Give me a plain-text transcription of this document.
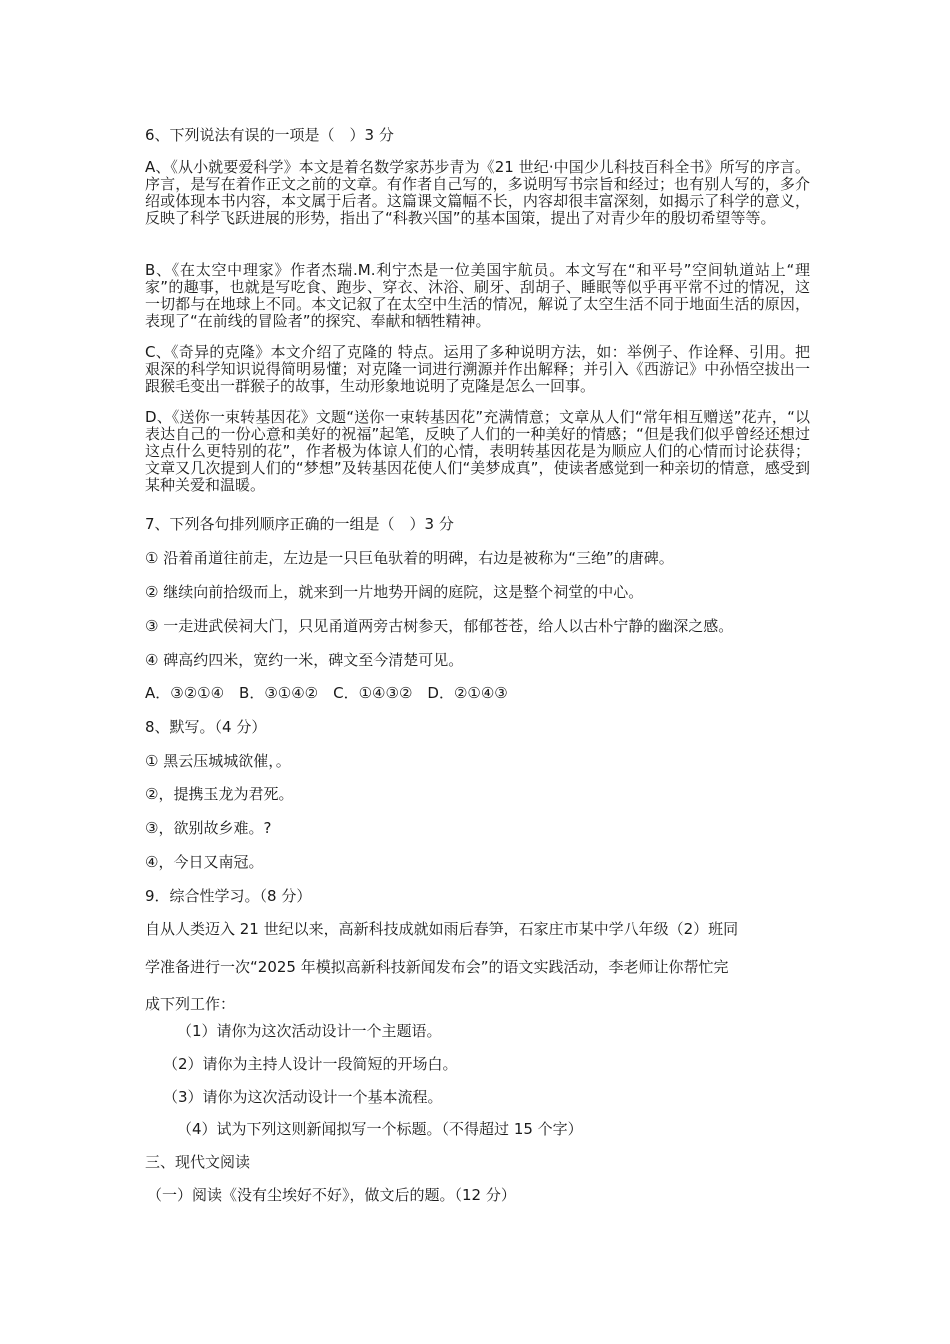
6、下列说法有误的一项是（　）3 分
A、《从小就要爱科学》本文是着名数学家苏步青为《21 世纪·中国少儿科技百科全书》所写的序言。序言，是写在着作正文之前的文章。有作者自己写的，多说明写书宗旨和经过；也有别人写的，多介绍或体现本书内容，本文属于后者。这篇课文篇幅不长，内容却很丰富深刻，如揭示了科学的意义，反映了科学飞跃进展的形势，指出了“科教兴国”的基本国策，提出了对青少年的殷切希望等等。
B、《在太空中理家》作者杰瑞.M.利宁杰是一位美国宇航员。本文写在“和平号”空间轨道站上“理家”的趣事，也就是写吃食、跑步、穿衣、沐浴、刷牙、刮胡子、睡眠等似乎再平常不过的情况，这一切都与在地球上不同。本文记叙了在太空中生活的情况，解说了太空生活不同于地面生活的原因，表现了“在前线的冒险者”的探究、奉献和牺牲精神。
C、《奇异的克隆》本文介绍了克隆的 特点。运用了多种说明方法，如：举例子、作诠释、引用。把艰深的科学知识说得简明易懂；对克隆一词进行溯源并作出解释；并引入《西游记》中孙悟空拔出一跟猴毛变出一群猴子的故事，生动形象地说明了克隆是怎么一回事。
D、《送你一束转基因花》文题“送你一束转基因花”充满情意；文章从人们“常年相互赠送”花卉，“以表达自己的一份心意和美好的祝福”起笔，反映了人们的一种美好的情感；“但是我们似乎曾经还想过这点什么更特别的花”，作者极为体谅人们的心情，表明转基因花是为顺应人们的心情而讨论获得；文章又几次提到人们的“梦想”及转基因花使人们“美梦成真”，使读者感觉到一种亲切的情意，感受到某种关爱和温暖。
7、下列各句排列顺序正确的一组是（　）3 分
① 沿着甬道往前走，左边是一只巨龟驮着的明碑，右边是被称为“三绝”的唐碑。
② 继续向前拾级而上，就来到一片地势开阔的庭院，这是整个祠堂的中心。
③ 一走进武侯祠大门，只见甬道两旁古树参天，郁郁苍苍，给人以古朴宁静的幽深之感。
④ 碑高约四米，宽约一米，碑文至今清楚可见。
A．③②①④　B．③①④②　C．①④③②　D．②①④③
8、默写。（4 分）
① 黑云压城城欲催，。
②，提携玉龙为君死。
③，欲别故乡难。?
④，今日又南冠。
9．综合性学习。（8 分）
自从人类迈入 21 世纪以来，高新科技成就如雨后春笋，石家庄市某中学八年级（2）班同
学准备进行一次“2025 年模拟高新科技新闻发布会”的语文实践活动，李老师让你帮忙完
成下列工作：
（1）请你为这次活动设计一个主题语。
（2）请你为主持人设计一段简短的开场白。
（3）请你为这次活动设计一个基本流程。
（4）试为下列这则新闻拟写一个标题。（不得超过 15 个字）
三、现代文阅读
（一）阅读《没有尘埃好不好》，做文后的题。（12 分）
